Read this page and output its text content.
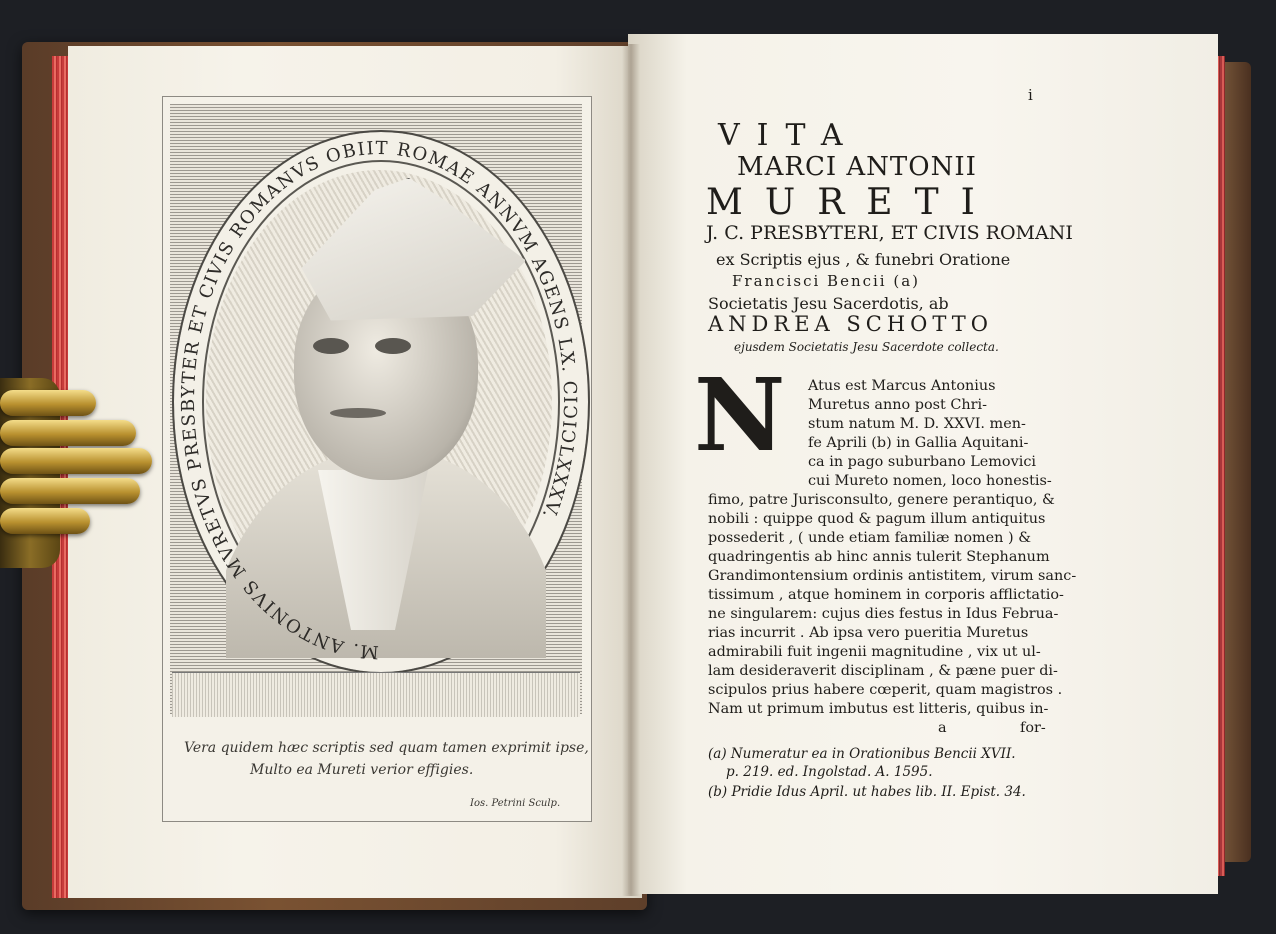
M. ANTONIVS MVRETVS PRESBYTER ET CIVIS ROMANVS OBIIT ROMAE ANNVM AGENS LX. CIƆIƆLXXXV.
Vera quidem hæc scriptis sed quam tamen exprimit ipse,
Multo ea Mureti verior effigies.
Ios. Petrini Sculp.
i
VITA
MARCI ANTONII
MURETI
J. C. PRESBYTERI, ET CIVIS ROMANI
ex Scriptis ejus , & funebri Oratione
Francisci Bencii (a)
Societatis Jesu Sacerdotis, ab
ANDREA SCHOTTO
ejusdem Societatis Jesu Sacerdote collecta.
N Atus est Marcus Antonius
Muretus anno post Chri-
stum natum M. D. XXVI. men-
fe Aprili (b) in Gallia Aquitani-
ca in pago suburbano Lemovici
cui Mureto nomen, loco honestis-
fimo, patre Jurisconsulto, genere perantiquo, &
nobili : quippe quod & pagum illum antiquitus
possederit , ( unde etiam familiæ nomen ) &
quadringentis ab hinc annis tulerit Stephanum
Grandimontensium ordinis antistitem, virum sanc-
tissimum , atque hominem in corporis afflictatio-
ne singularem: cujus dies festus in Idus Februa-
rias incurrit . Ab ipsa vero pueritia Muretus
admirabili fuit ingenii magnitudine , vix ut ul-
lam desideraverit disciplinam , & pæne puer di-
scipulos prius habere cœperit, quam magistros .
Nam ut primum imbutus est litteris, quibus in-
a	for-
(a) Numeratur ea in Orationibus Bencii XVII.
p. 219. ed. Ingolstad. A. 1595.
(b) Pridie Idus April. ut habes lib. II. Epist. 34.
